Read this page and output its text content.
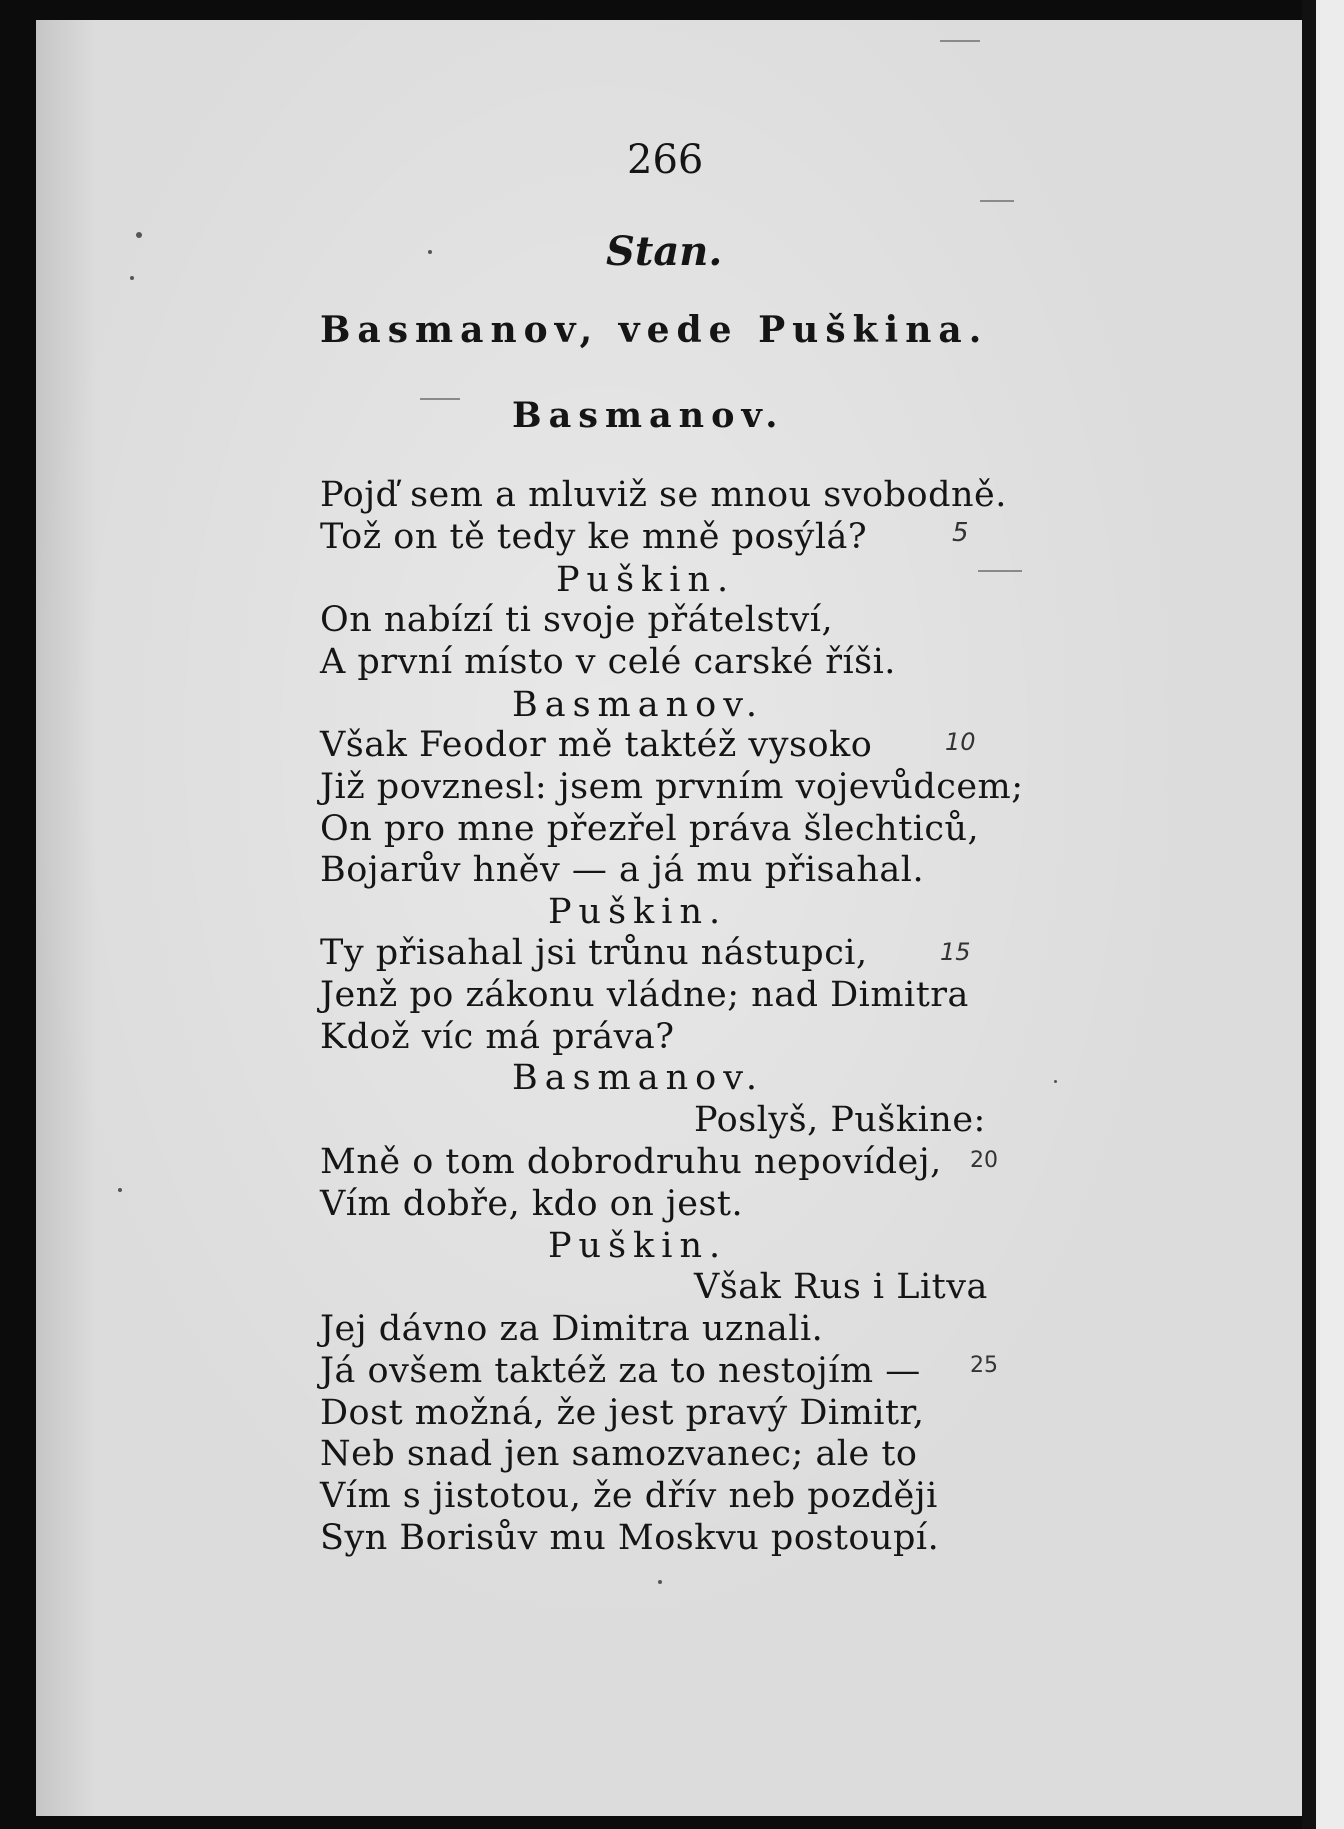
266
Stan.
Basmanov, vede Puškina.
Basmanov.
Pojď sem a mluviž se mnou svobodně.
Tož on tě tedy ke mně posýlá?
Puškin.
On nabízí ti svoje přátelství,
A první místo v celé carské říši.
Basmanov.
Však Feodor mě taktéž vysoko
Již povznesl: jsem prvním vojevůdcem;
On pro mne přezřel práva šlechticů,
Bojarův hněv — a já mu přisahal.
Puškin.
Ty přisahal jsi trůnu nástupci,
Jenž po zákonu vládne; nad Dimitra
Kdož víc má práva?
Basmanov.
Poslyš, Puškine:
Mně o tom dobrodruhu nepovídej,
Vím dobře, kdo on jest.
Puškin.
Však Rus i Litva
Jej dávno za Dimitra uznali.
Já ovšem taktéž za to nestojím —
Dost možná, že jest pravý Dimitr,
Neb snad jen samozvanec; ale to
Vím s jistotou, že dřív neb později
Syn Borisův mu Moskvu postoupí.
5
10
15
20
25
